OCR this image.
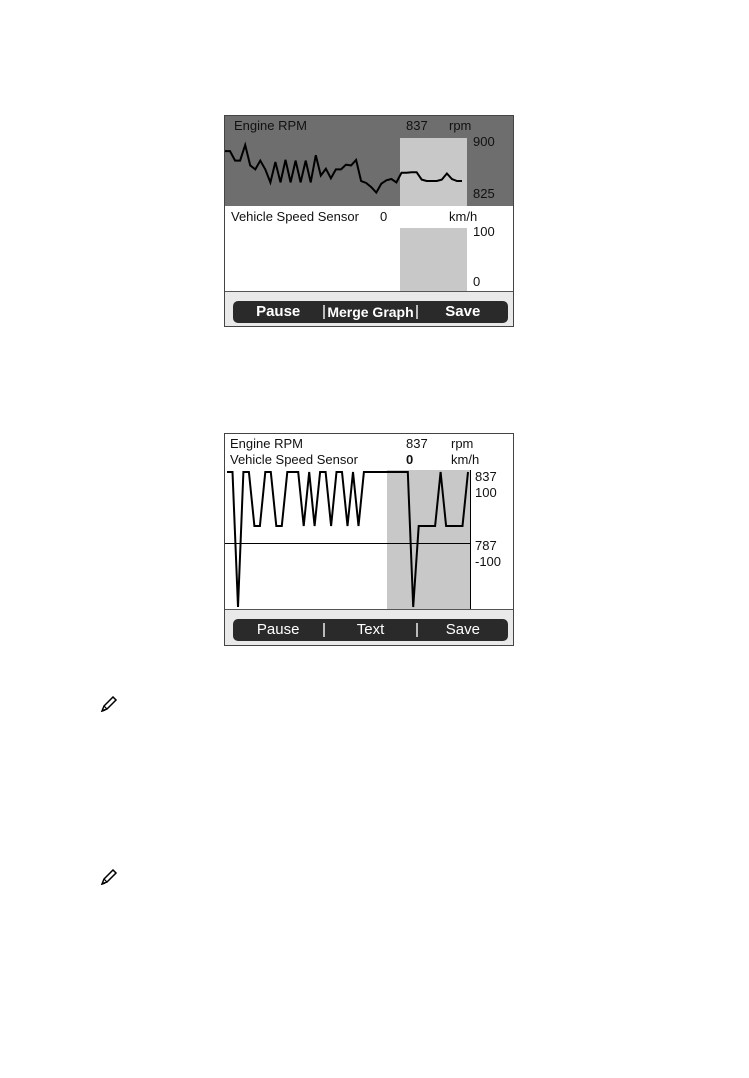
Engine RPM	837 rpm
900
825
Vehicle Speed Sensor 0	km/h
100
0
Pause	Merge Graph	Save
Engine RPM	837 rpm
Vehicle Speed Sensor	0	km/h
837
100
787
-100
Pause	Text	Save
